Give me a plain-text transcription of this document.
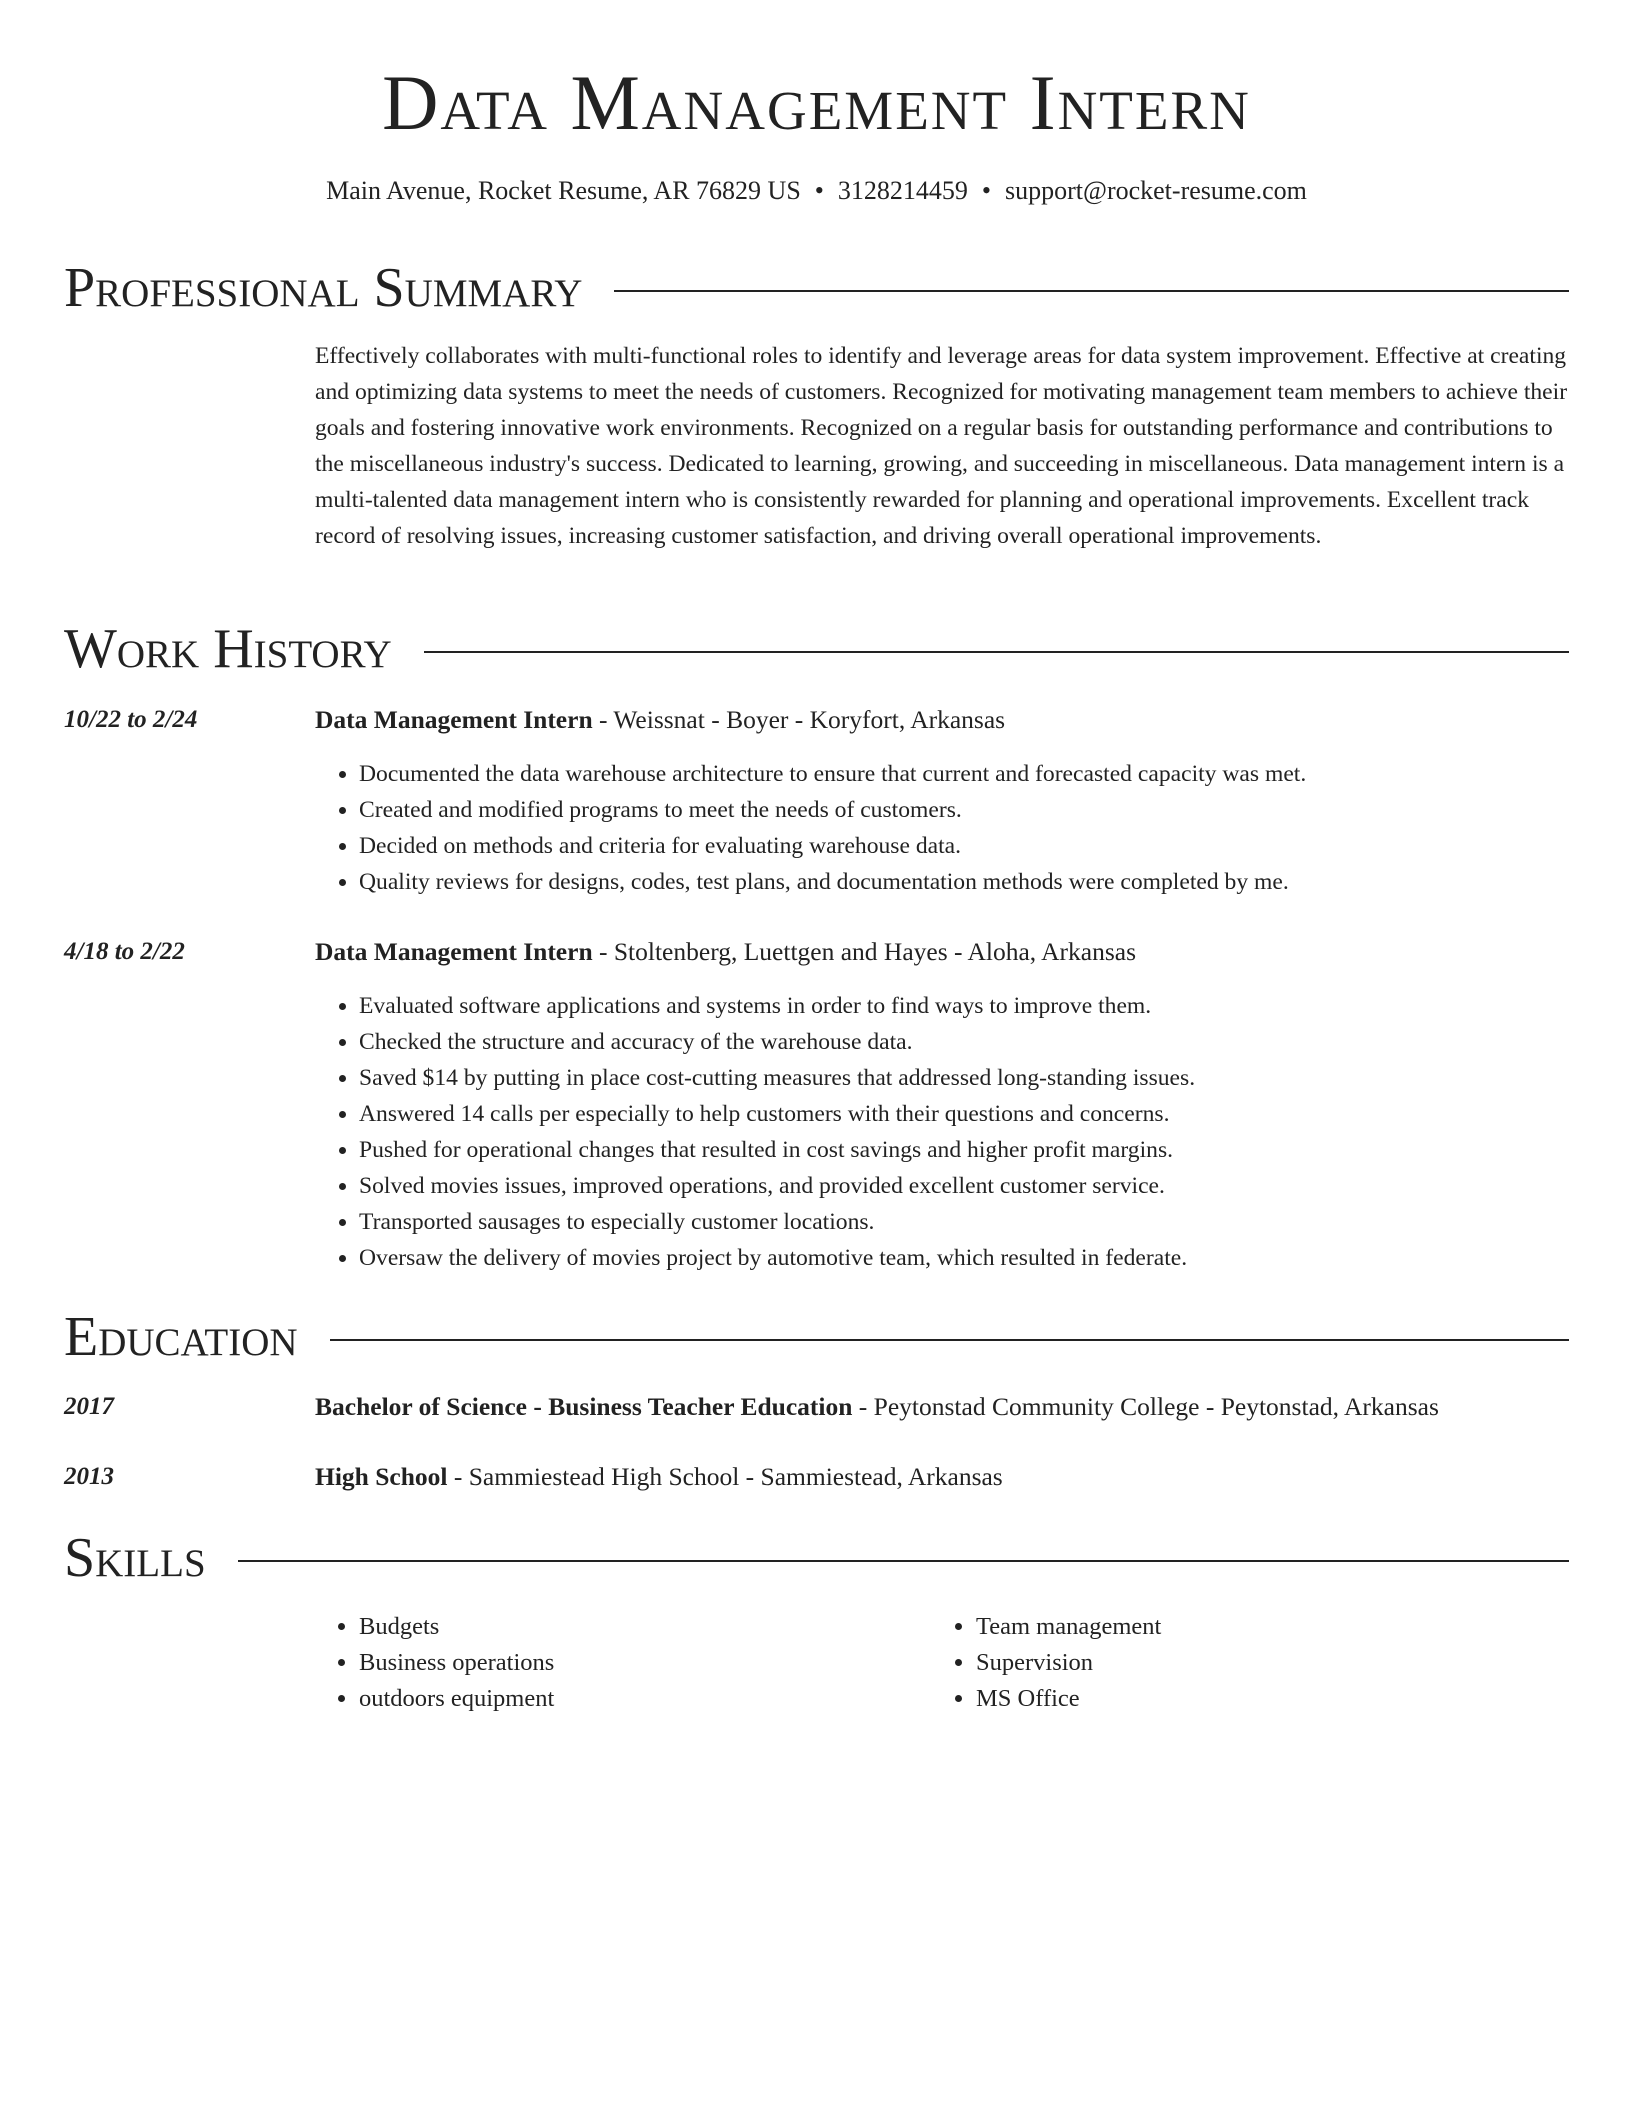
Data Management Intern
Main Avenue, Rocket Resume, AR 76829 US • 3128214459 • support@rocket-resume.com
Professional Summary
Effectively collaborates with multi-functional roles to identify and leverage areas for data system improvement. Effective at creating and optimizing data systems to meet the needs of customers. Recognized for motivating management team members to achieve their goals and fostering innovative work environments. Recognized on a regular basis for outstanding performance and contributions to the miscellaneous industry's success. Dedicated to learning, growing, and succeeding in miscellaneous. Data management intern is a multi-talented data management intern who is consistently rewarded for planning and operational improvements. Excellent track record of resolving issues, increasing customer satisfaction, and driving overall operational improvements.
Work History
10/22 to 2/24	Data Management Intern - Weissnat - Boyer - Koryfort, Arkansas
• Documented the data warehouse architecture to ensure that current and forecasted capacity was met.
• Created and modified programs to meet the needs of customers.
• Decided on methods and criteria for evaluating warehouse data.
• Quality reviews for designs, codes, test plans, and documentation methods were completed by me.
4/18 to 2/22	Data Management Intern - Stoltenberg, Luettgen and Hayes - Aloha, Arkansas
• Evaluated software applications and systems in order to find ways to improve them.
• Checked the structure and accuracy of the warehouse data.
• Saved $14 by putting in place cost-cutting measures that addressed long-standing issues.
• Answered 14 calls per especially to help customers with their questions and concerns.
• Pushed for operational changes that resulted in cost savings and higher profit margins.
• Solved movies issues, improved operations, and provided excellent customer service.
• Transported sausages to especially customer locations.
• Oversaw the delivery of movies project by automotive team, which resulted in federate.
Education
2017	Bachelor of Science - Business Teacher Education - Peytonstad Community College - Peytonstad, Arkansas
2013	High School - Sammiestead High School - Sammiestead, Arkansas
Skills
• Budgets
• Business operations
• outdoors equipment
• Team management
• Supervision
• MS Office
